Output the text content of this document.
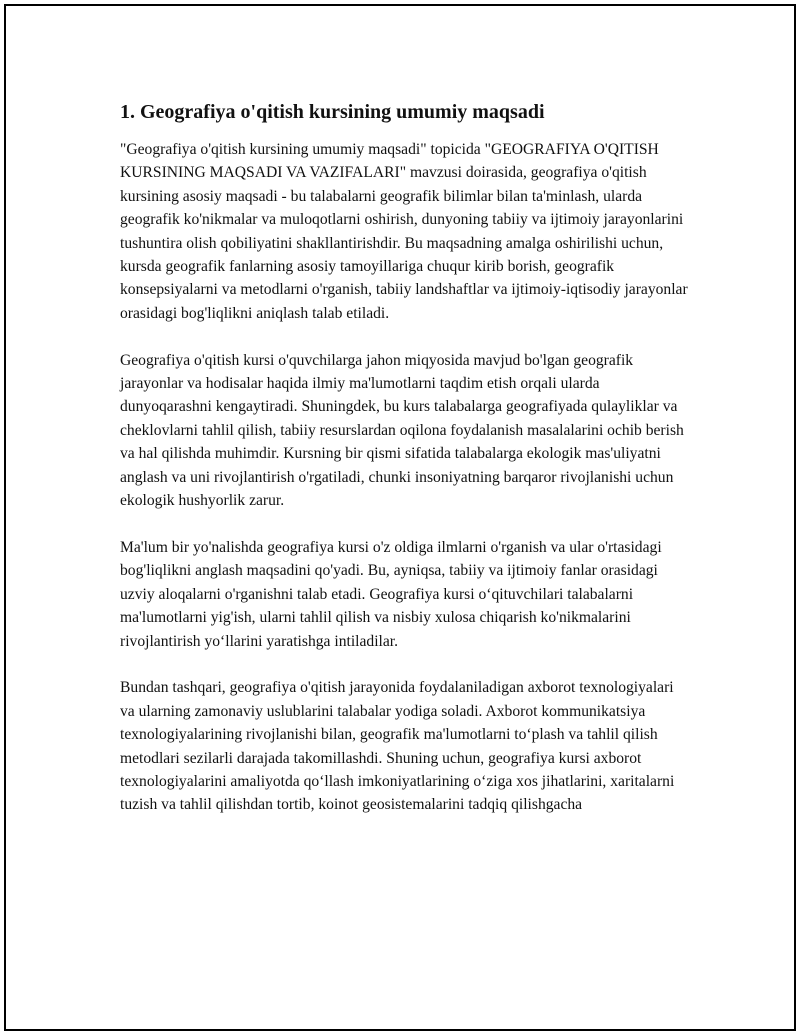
1. Geografiya o'qitish kursining umumiy maqsadi

"Geografiya o'qitish kursining umumiy maqsadi" topicida "GEOGRAFIYA O'QITISH KURSINING MAQSADI VA VAZIFALARI" mavzusi doirasida, geografiya o'qitish kursining asosiy maqsadi - bu talabalarni geografik bilimlar bilan ta'minlash, ularda geografik ko'nikmalar va muloqotlarni oshirish, dunyoning tabiiy va ijtimoiy jarayonlarini tushuntira olish qobiliyatini shakllantirishdir. Bu maqsadning amalga oshirilishi uchun, kursda geografik fanlarning asosiy tamoyillariga chuqur kirib borish, geografik konsepsiyalarni va metodlarni o'rganish, tabiiy landshaftlar va ijtimoiy-iqtisodiy jarayonlar orasidagi bog'liqlikni aniqlash talab etiladi.

Geografiya o'qitish kursi o'quvchilarga jahon miqyosida mavjud bo'lgan geografik jarayonlar va hodisalar haqida ilmiy ma'lumotlarni taqdim etish orqali ularda dunyoqarashni kengaytiradi. Shuningdek, bu kurs talabalarga geografiyada qulayliklar va cheklovlarni tahlil qilish, tabiiy resurslardan oqilona foydalanish masalalarini ochib berish va hal qilishda muhimdir. Kursning bir qismi sifatida talabalarga ekologik mas'uliyatni anglash va uni rivojlantirish o'rgatiladi, chunki insoniyatning barqaror rivojlanishi uchun ekologik hushyorlik zarur.

Ma'lum bir yo'nalishda geografiya kursi o'z oldiga ilmlarni o'rganish va ular o'rtasidagi bog'liqlikni anglash maqsadini qo'yadi. Bu, ayniqsa, tabiiy va ijtimoiy fanlar orasidagi uzviy aloqalarni o'rganishni talab etadi. Geografiya kursi o‘qituvchilari talabalarni ma'lumotlarni yig'ish, ularni tahlil qilish va nisbiy xulosa chiqarish ko'nikmalarini rivojlantirish yo‘llarini yaratishga intiladilar.

Bundan tashqari, geografiya o'qitish jarayonida foydalaniladigan axborot texnologiyalari va ularning zamonaviy uslublarini talabalar yodiga soladi. Axborot kommunikatsiya texnologiyalarining rivojlanishi bilan, geografik ma'lumotlarni to‘plash va tahlil qilish metodlari sezilarli darajada takomillashdi. Shuning uchun, geografiya kursi axborot texnologiyalarini amaliyotda qo‘llash imkoniyatlarining o‘ziga xos jihatlarini, xaritalarni tuzish va tahlil qilishdan tortib, koinot geosistemalarini tadqiq qilishgacha
